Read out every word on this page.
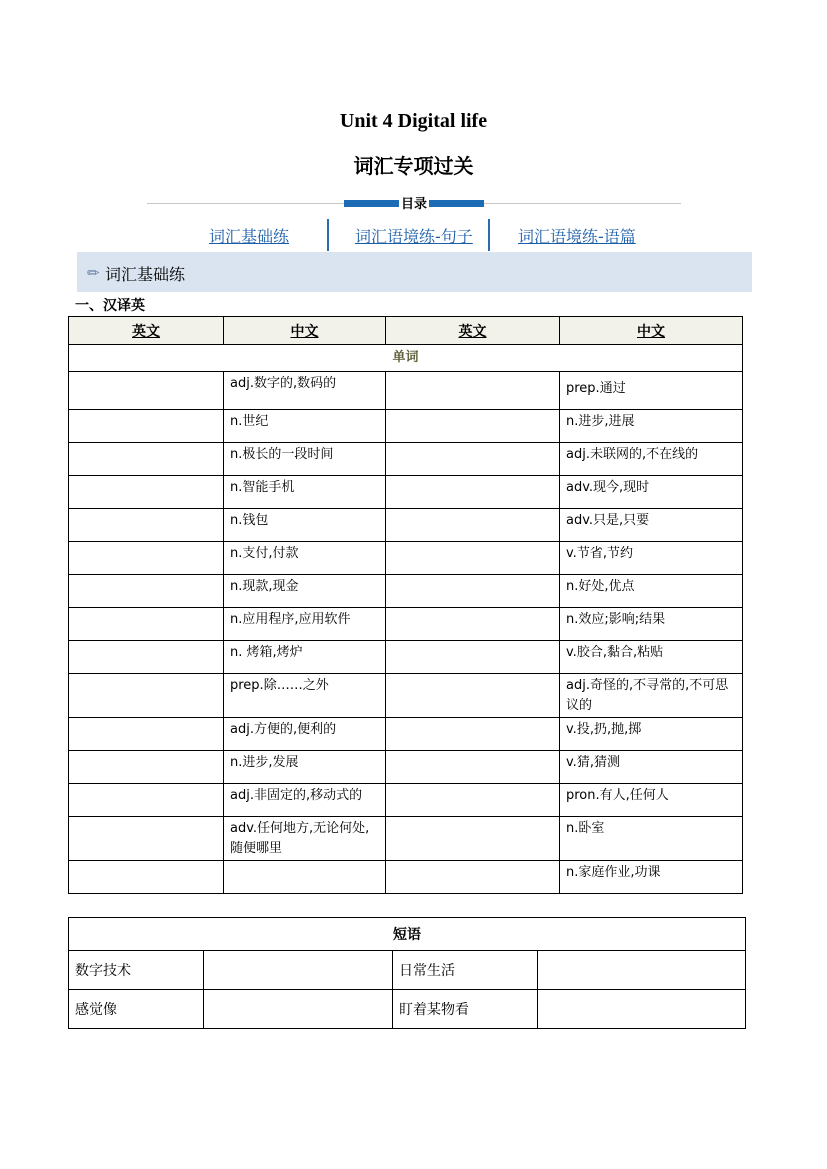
Unit 4 Digital life
词汇专项过关
目录
词汇基础练	词汇语境练-句子	词汇语境练-语篇
✏ 词汇基础练
一、汉译英
英文	中文	英文	中文
单词			
	adj.数字的,数码的		prep.通过
	n.世纪		n.进步,进展
	n.极长的一段时间		adj.未联网的,不在线的
	n.智能手机		adv.现今,现时
	n.钱包		adv.只是,只要
	n.支付,付款		v.节省,节约
	n.现款,现金		n.好处,优点
	n.应用程序,应用软件		n.效应;影响;结果
	n. 烤箱,烤炉		v.胶合,黏合,粘贴
	prep.除……之外		adj.奇怪的,不寻常的,不可思议的
	adj.方便的,便利的		v.投,扔,抛,掷
	n.进步,发展		v.猜,猜测
	adj.非固定的,移动式的		pron.有人,任何人
	adv.任何地方,无论何处,随便哪里		n.卧室
			n.家庭作业,功课
短语			
数字技术		日常生活	
感觉像		盯着某物看	
